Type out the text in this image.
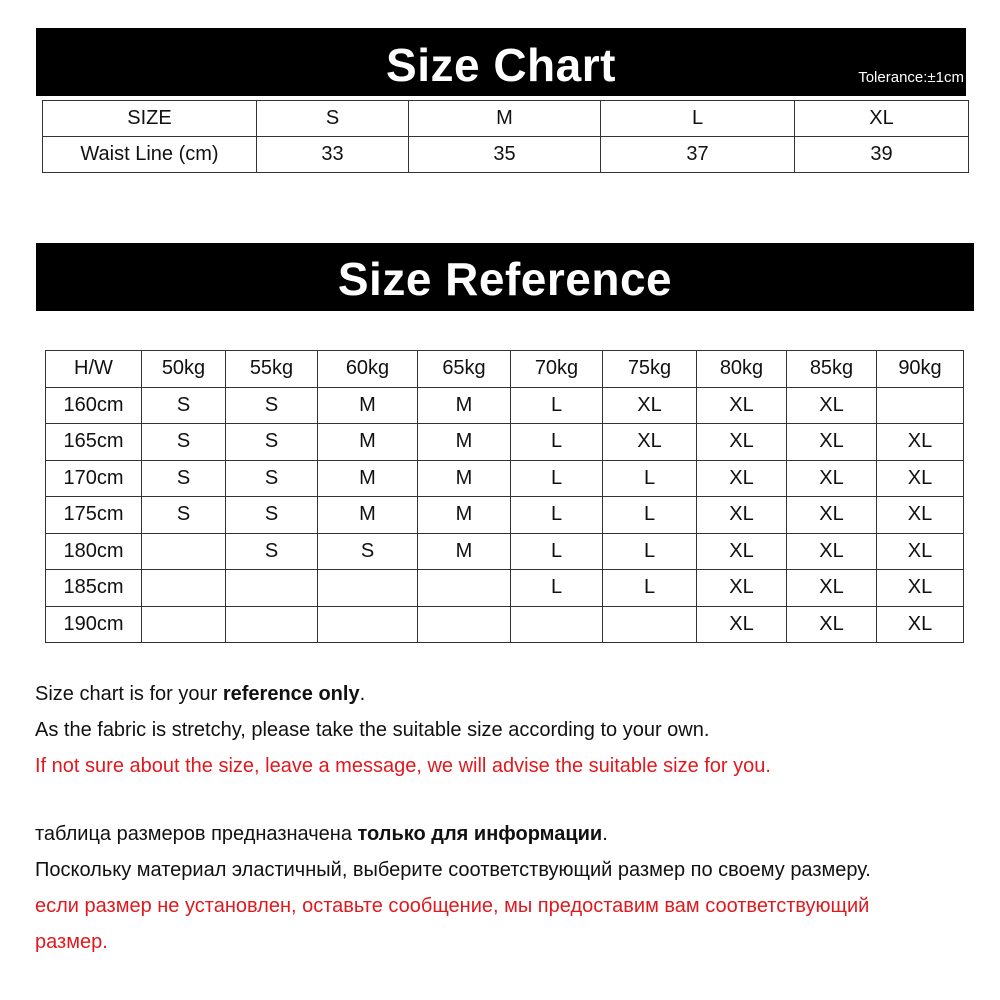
Size Chart	Tolerance:±1cm
SIZE	S	M	L	XL
Waist Line (cm)	33	35	37	39
Size Reference
H/W	50kg	55kg	60kg	65kg	70kg	75kg	80kg	85kg	90kg
160cm	S	S	M	M	L	XL	XL	XL	
165cm	S	S	M	M	L	XL	XL	XL	XL
170cm	S	S	M	M	L	L	XL	XL	XL
175cm	S	S	M	M	L	L	XL	XL	XL
180cm		S	S	M	L	L	XL	XL	XL
185cm					L	L	XL	XL	XL
190cm							XL	XL	XL

Size chart is for your reference only.

As the fabric is stretchy, please take the suitable size according to your own.

If not sure about the size, leave a message, we will advise the suitable size for you.

таблица размеров предназначена только для информации.

Поскольку материал эластичный, выберите соответствующий размер по своему размеру.

если размер не установлен, оставьте сообщение, мы предоставим вам соответствующий

размер.
